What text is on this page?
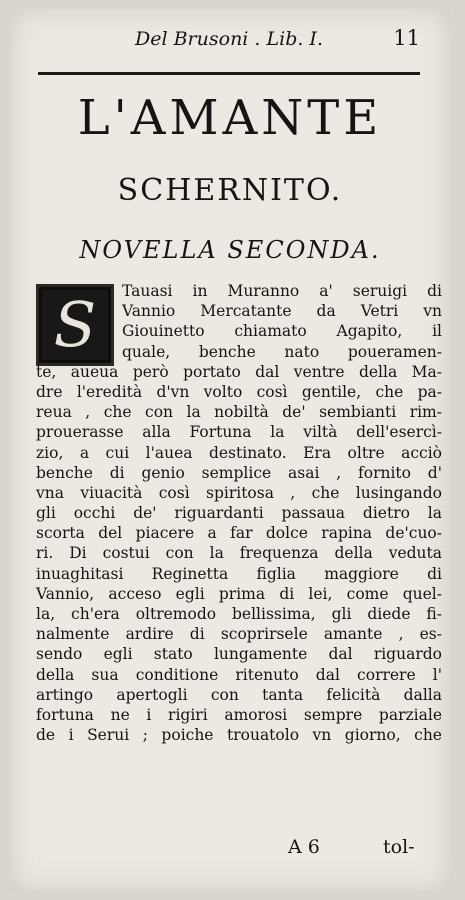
Del Brusoni . Lib. I.	11
L'AMANTE
SCHERNITO.
NOVELLA SECONDA.
S	Tauasi in Muranno a' seruigi di
Vannio Mercatante da Vetri vn
Giouinetto chiamato Agapito, il
quale, benche nato poueramen-
te, aueua però portato dal ventre della Ma-
dre l'eredità d'vn volto così gentile, che pa-
reua , che con la nobiltà de' sembianti rim-
prouerasse alla Fortuna la viltà dell'esercì-
zio, a cui l'auea destinato. Era oltre acciò
benche di genio semplice asai , fornito d'
vna viuacità così spiritosa , che lusingando
gli occhi de' riguardanti passaua dietro la
scorta del piacere a far dolce rapina de'cuo-
ri. Di costui con la frequenza della veduta
inuaghitasi Reginetta figlia maggiore di
Vannio, acceso egli prima di lei, come quel-
la, ch'era oltremodo bellissima, gli diede fi-
nalmente ardire di scoprirsele amante , es-
sendo egli stato lungamente dal riguardo
della sua conditione ritenuto dal correre l'
artingo apertogli con tanta felicità dalla
fortuna ne i rigiri amorosi sempre parziale
de i Serui ; poiche trouatolo vn giorno, che
A 6	tol-
